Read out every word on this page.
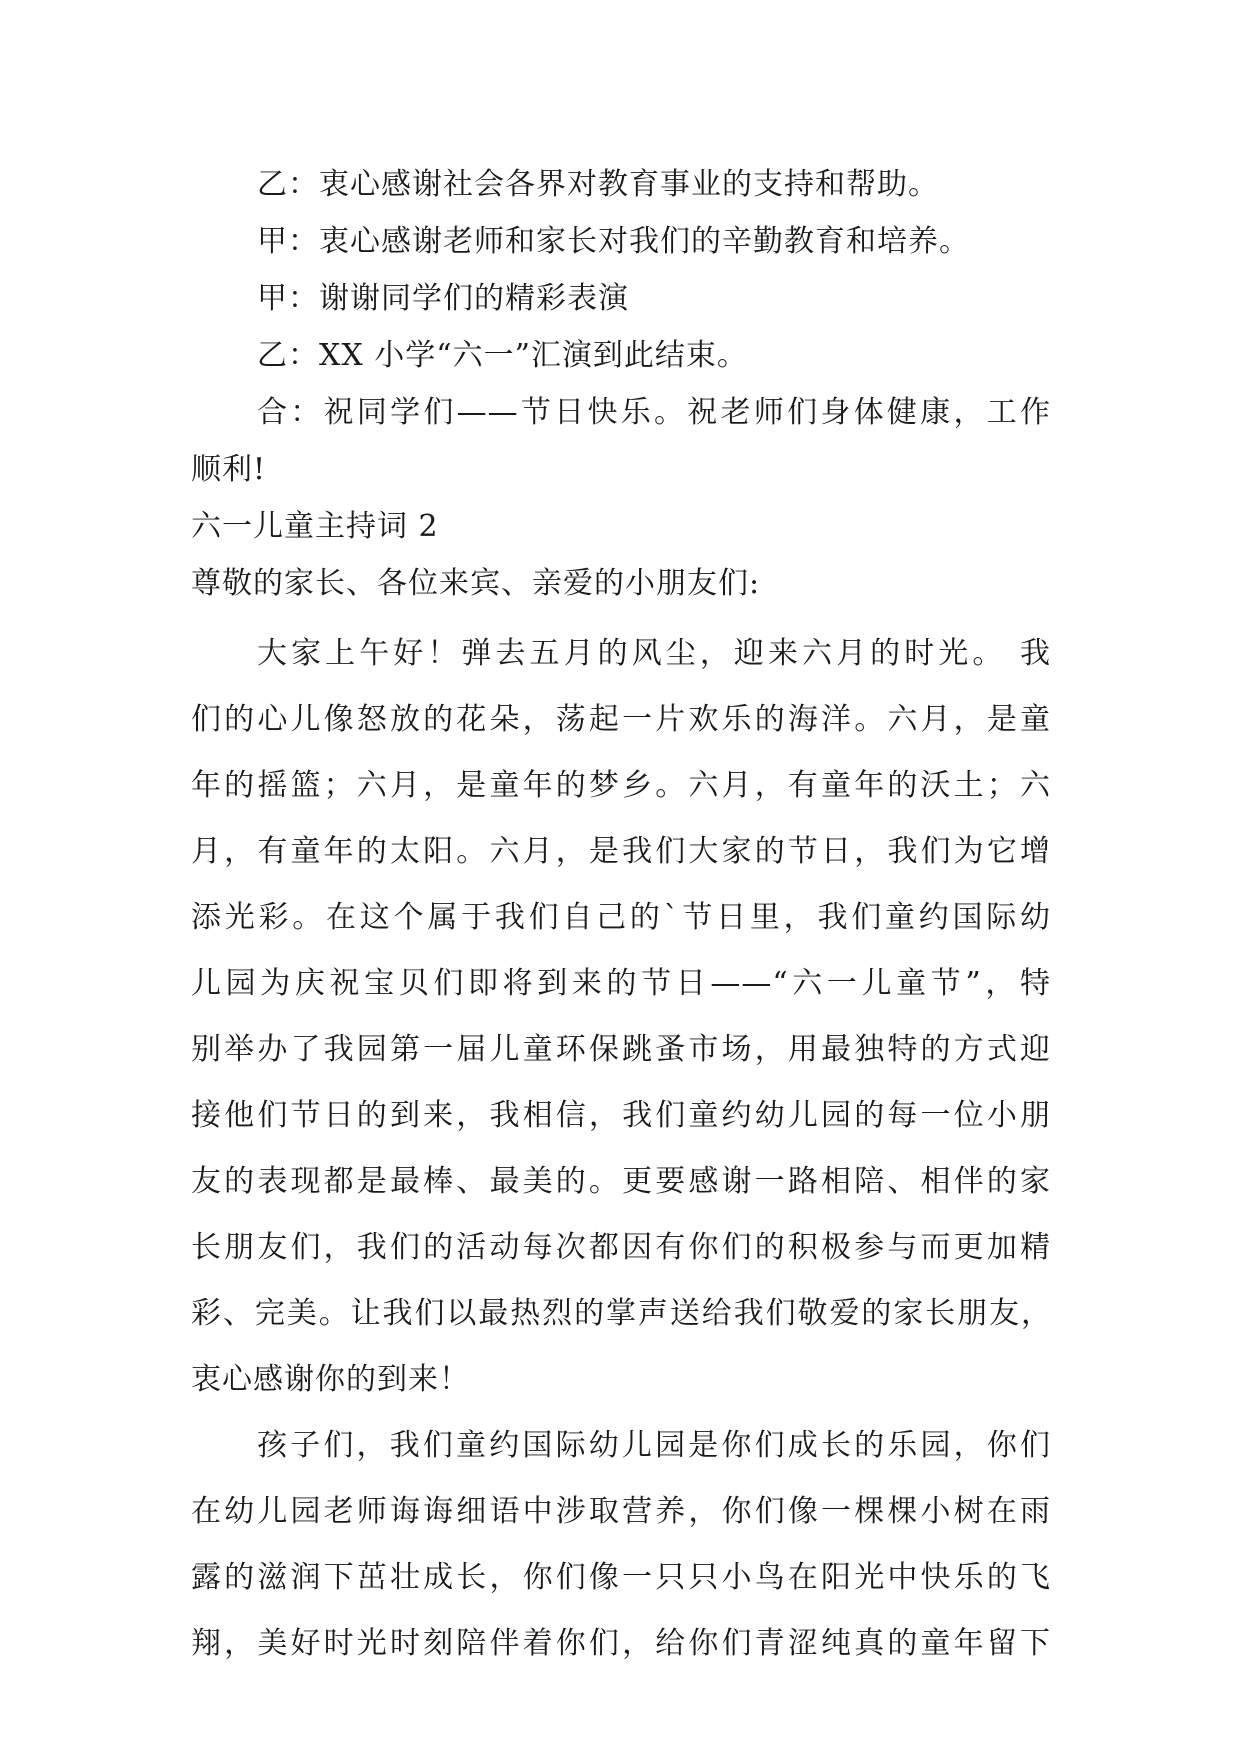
乙：衷心感谢社会各界对教育事业的支持和帮助。
甲：衷心感谢老师和家长对我们的辛勤教育和培养。
甲：谢谢同学们的精彩表演
乙：XX 小学“六一”汇演到此结束。
合：祝同学们——节日快乐。祝老师们身体健康，工作
顺利!
六一儿童主持词 2
尊敬的家长、各位来宾、亲爱的小朋友们:
大家上午好！弹去五月的风尘，迎来六月的时光。 我
们的心儿像怒放的花朵，荡起一片欢乐的海洋。六月，是童
年的摇篮；六月，是童年的梦乡。六月，有童年的沃土；六
月，有童年的太阳。六月，是我们大家的节日，我们为它增
添光彩。在这个属于我们自己的`节日里，我们童约国际幼
儿园为庆祝宝贝们即将到来的节日——“六一儿童节”，特
别举办了我园第一届儿童环保跳蚤市场，用最独特的方式迎
接他们节日的到来，我相信，我们童约幼儿园的每一位小朋
友的表现都是最棒、最美的。更要感谢一路相陪、相伴的家
长朋友们，我们的活动每次都因有你们的积极参与而更加精
彩、完美。让我们以最热烈的掌声送给我们敬爱的家长朋友，
衷心感谢你的到来！
孩子们，我们童约国际幼儿园是你们成长的乐园，你们
在幼儿园老师诲诲细语中涉取营养，你们像一棵棵小树在雨
露的滋润下茁壮成长，你们像一只只小鸟在阳光中快乐的飞
翔，美好时光时刻陪伴着你们，给你们青涩纯真的童年留下
